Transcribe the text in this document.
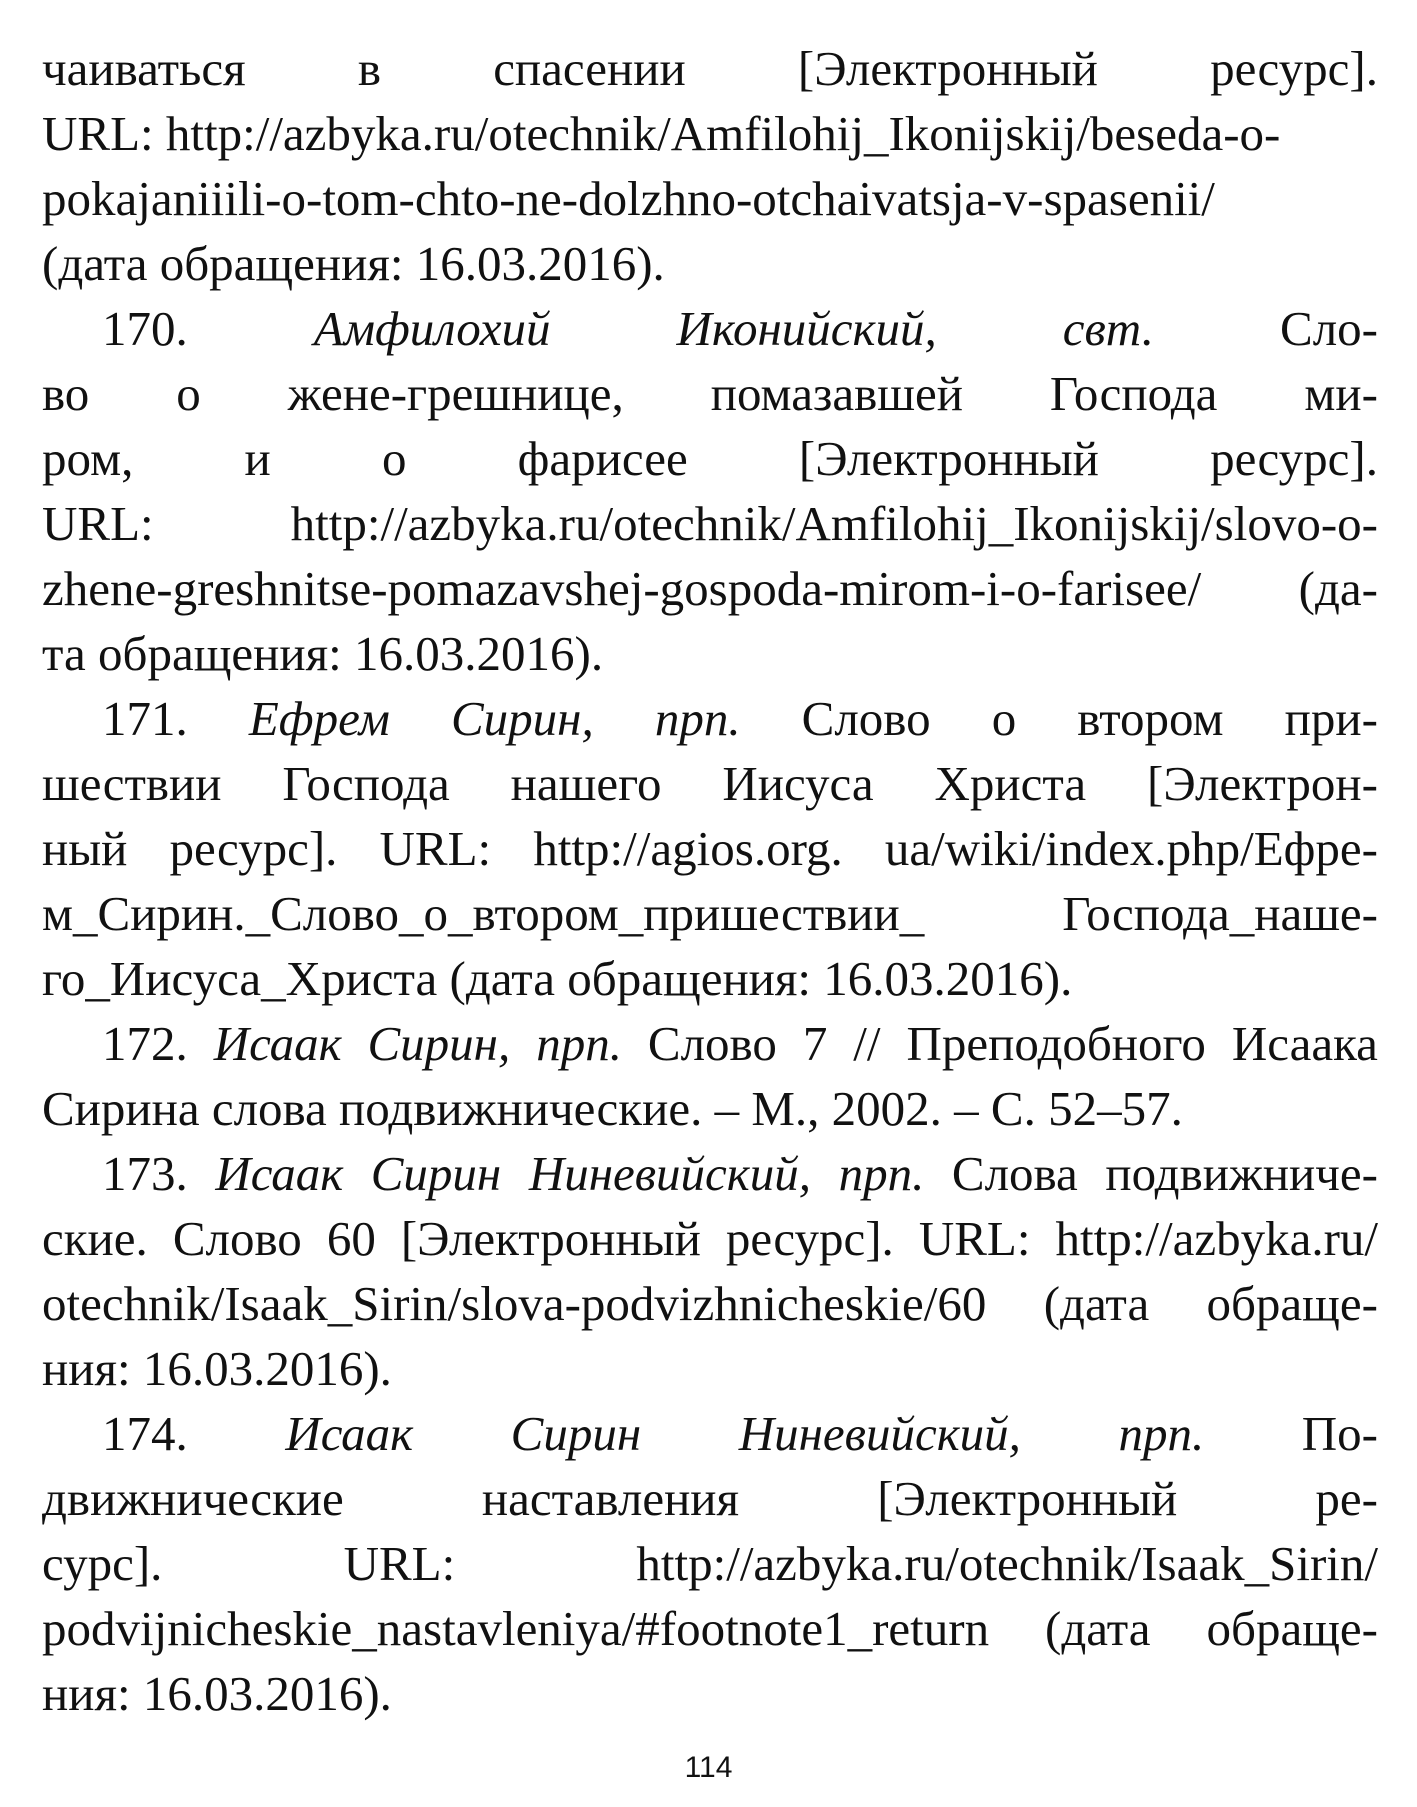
чаиваться в спасении [Электронный ресурс].
URL: http://azbyka.ru/otechnik/Amfilohij_Ikonijskij/beseda-o-
pokajaniiili-o-tom-chto-ne-dolzhno-otchaivatsja-v-spasenii/
(дата обращения: 16.03.2016).
170.	Амфилохий	Иконийский,	свт.	Сло-
во о жене-грешнице, помазавшей Господа ми-
ром, и о фарисее [Электронный ресурс].
URL:	http://azbyka.ru/otechnik/Amfilohij_Ikonijskij/slovo-o-
zhene-greshnitse-pomazavshej-gospoda-mirom-i-o-farisee/ (да-
та обращения: 16.03.2016).
171. Ефрем Сирин, прп. Слово о втором при-
шествии Господа нашего Иисуса Христа [Электрон-
ный ресурс]. URL: http://agios.org. ua/wiki/index.php/Ефре-
м_Сирин._Слово_о_втором_пришествии_	Господа_наше-
го_Иисуса_Христа (дата обращения: 16.03.2016).
172. Исаак Сирин, прп. Слово 7 // Преподобного Исаака
Сирина слова подвижнические. – М., 2002. – С. 52–57.
173. Исаак Сирин Ниневийский, прп. Слова подвижниче-
ские. Слово 60 [Электронный ресурс]. URL: http://azbyka.ru/
otechnik/Isaak_Sirin/slova-podvizhnicheskie/60 (дата обраще-
ния: 16.03.2016).
174. Исаак Сирин Ниневийский, прп. По-
движнические	наставления	[Электронный	ре-
сурс].	URL:	http://azbyka.ru/otechnik/Isaak_Sirin/
podvijnicheskie_nastavleniya/#footnote1_return (дата обраще-
ния: 16.03.2016).
114
